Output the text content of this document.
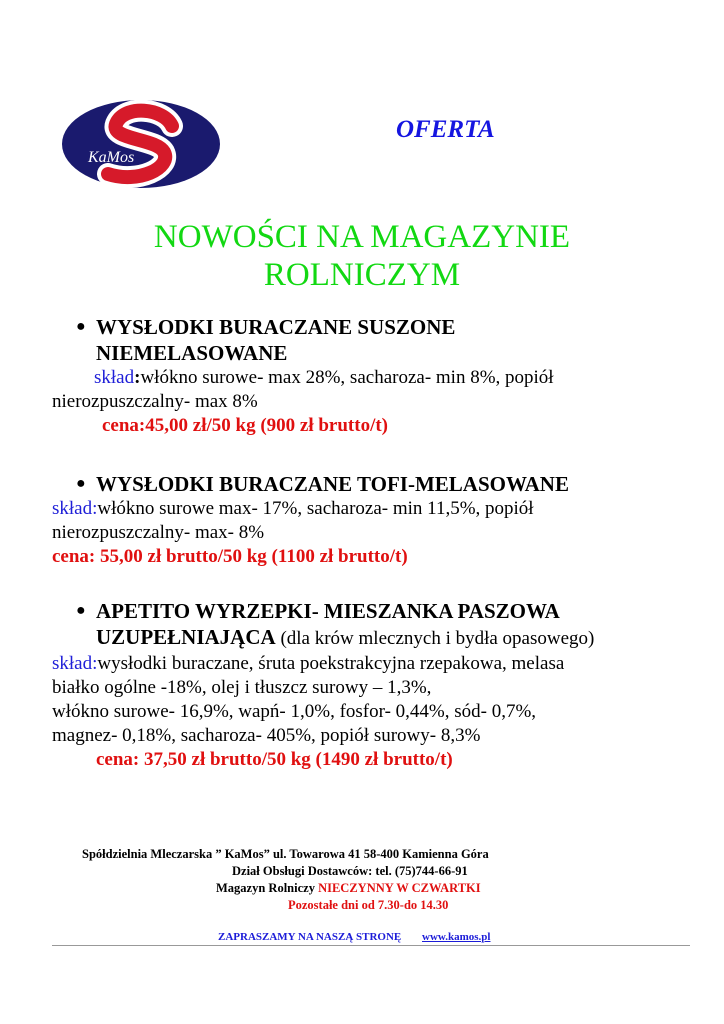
KaMos
OFERTA
NOWOŚCI NA MAGAZYNIE
ROLNICZYM
● WYSŁODKI BURACZANE SUSZONE
NIEMELASOWANE
skład:włókno surowe- max 28%, sacharoza- min 8%, popiół
nierozpuszczalny- max 8%
cena:45,00 zł/50 kg (900 zł brutto/t)
● WYSŁODKI BURACZANE TOFI-MELASOWANE
skład:włókno surowe max- 17%, sacharoza- min 11,5%, popiół
nierozpuszczalny- max- 8%
cena: 55,00 zł brutto/50 kg (1100 zł brutto/t)
● APETITO WYRZEPKI- MIESZANKA PASZOWA
UZUPEŁNIAJĄCA (dla krów mlecznych i bydła opasowego)
skład:wysłodki buraczane, śruta poekstrakcyjna rzepakowa, melasa
białko ogólne -18%, olej i tłuszcz surowy – 1,3%,
włókno surowe- 16,9%, wapń- 1,0%, fosfor- 0,44%, sód- 0,7%,
magnez- 0,18%, sacharoza- 405%, popiół surowy- 8,3%
cena: 37,50 zł brutto/50 kg (1490 zł brutto/t)
Spółdzielnia Mleczarska ” KaMos” ul. Towarowa 41 58-400 Kamienna Góra
Dział Obsługi Dostawców: tel. (75)744-66-91
Magazyn Rolniczy NIECZYNNY W CZWARTKI
Pozostałe dni od 7.30-do 14.30
ZAPRASZAMY NA NASZĄ STRONĘ www.kamos.pl
